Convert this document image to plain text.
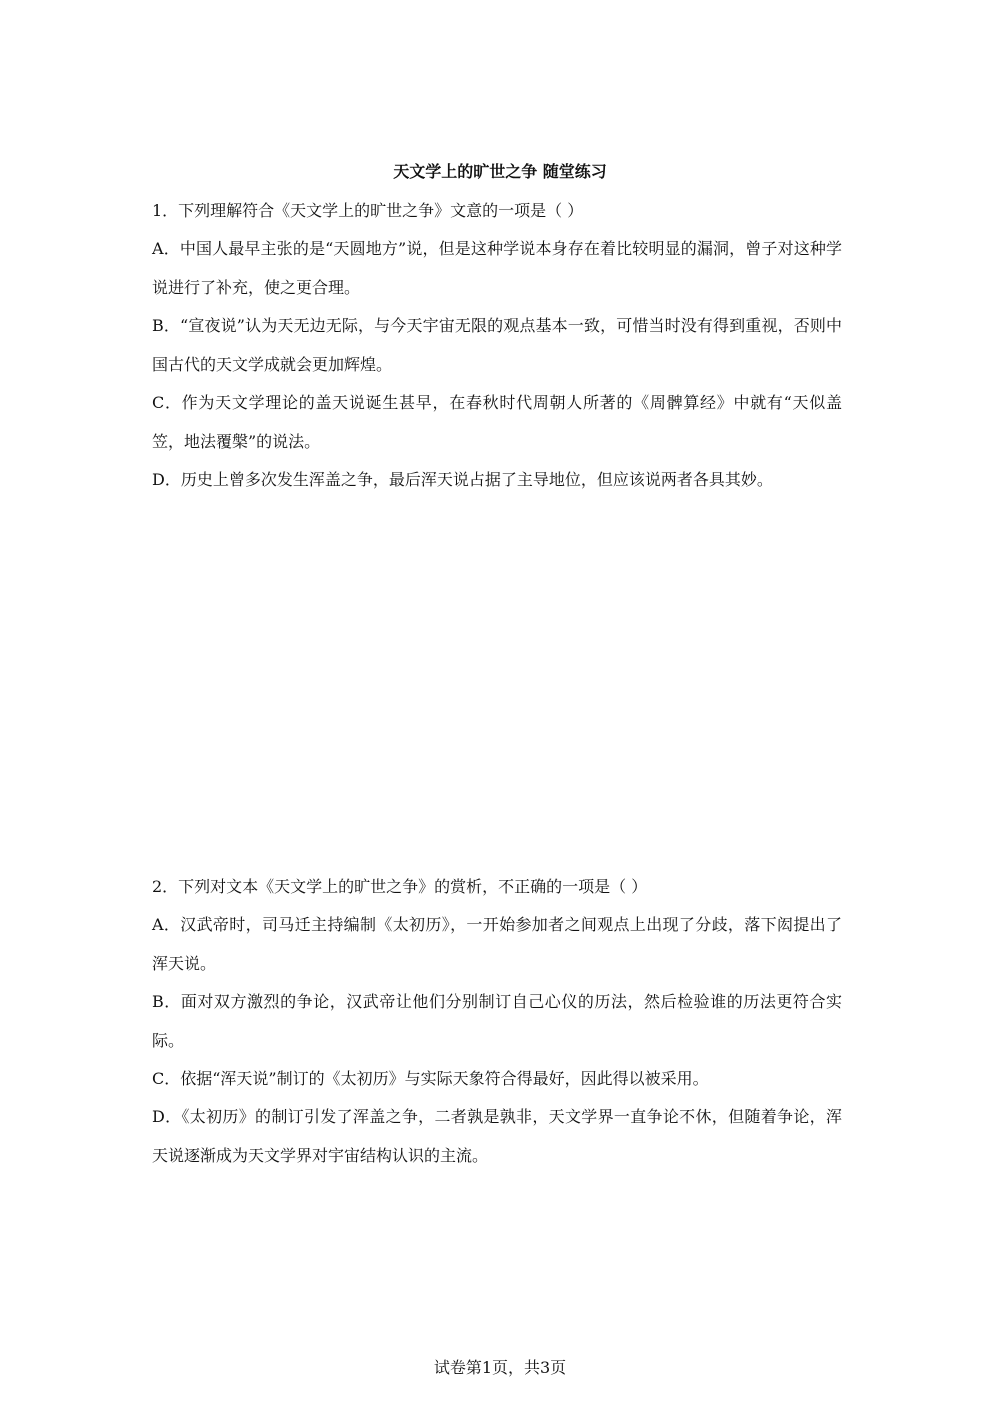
天文学上的旷世之争 随堂练习
1．下列理解符合《天文学上的旷世之争》文意的一项是（ ）
A．中国人最早主张的是“天圆地方”说，但是这种学说本身存在着比较明显的漏洞，曾子对这种学说进行了补充，使之更合理。
B．“宣夜说”认为天无边无际，与今天宇宙无限的观点基本一致，可惜当时没有得到重视，否则中国古代的天文学成就会更加辉煌。
C．作为天文学理论的盖天说诞生甚早，在春秋时代周朝人所著的《周髀算经》中就有“天似盖笠，地法覆槃”的说法。
D．历史上曾多次发生浑盖之争，最后浑天说占据了主导地位，但应该说两者各具其妙。
2．下列对文本《天文学上的旷世之争》的赏析，不正确的一项是（ ）
A．汉武帝时，司马迁主持编制《太初历》，一开始参加者之间观点上出现了分歧，落下闳提出了浑天说。
B．面对双方激烈的争论，汉武帝让他们分别制订自己心仪的历法，然后检验谁的历法更符合实际。
C．依据“浑天说”制订的《太初历》与实际天象符合得最好，因此得以被采用。
D．《太初历》的制订引发了浑盖之争，二者孰是孰非，天文学界一直争论不休，但随着争论，浑天说逐渐成为天文学界对宇宙结构认识的主流。
试卷第1页，共3页
